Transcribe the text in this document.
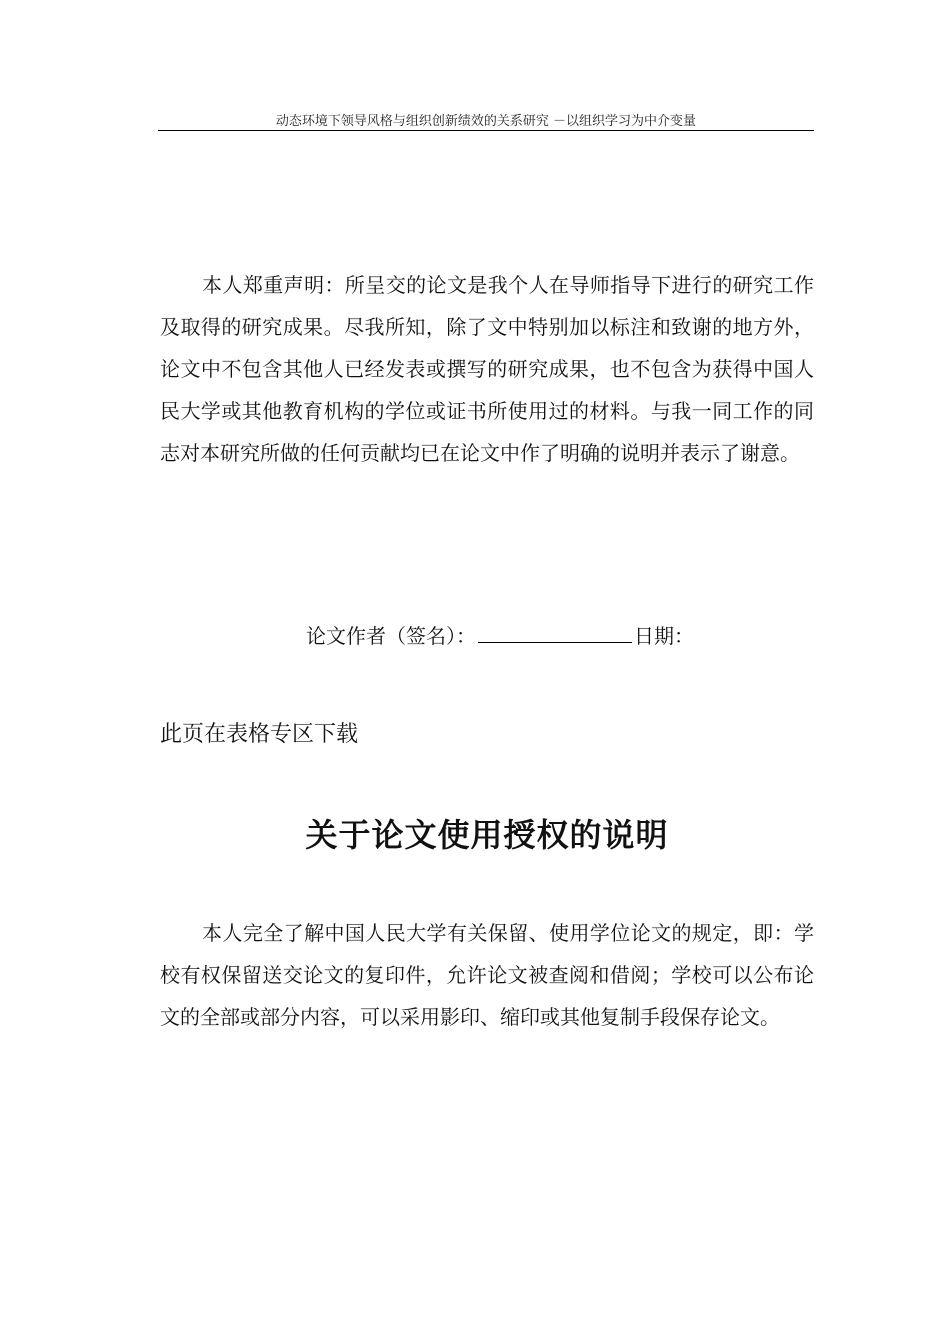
动态环境下领导风格与组织创新绩效的关系研究 －以组织学习为中介变量

本人郑重声明：所呈交的论文是我个人在导师指导下进行的研究工作及取得的研究成果。尽我所知，除了文中特别加以标注和致谢的地方外，论文中不包含其他人已经发表或撰写的研究成果，也不包含为获得中国人民大学或其他教育机构的学位或证书所使用过的材料。与我一同工作的同志对本研究所做的任何贡献均已在论文中作了明确的说明并表示了谢意。

论文作者（签名）：	日期：
此页在表格专区下载
关于论文使用授权的说明

本人完全了解中国人民大学有关保留、使用学位论文的规定，即：学校有权保留送交论文的复印件，允许论文被查阅和借阅；学校可以公布论文的全部或部分内容，可以采用影印、缩印或其他复制手段保存论文。
